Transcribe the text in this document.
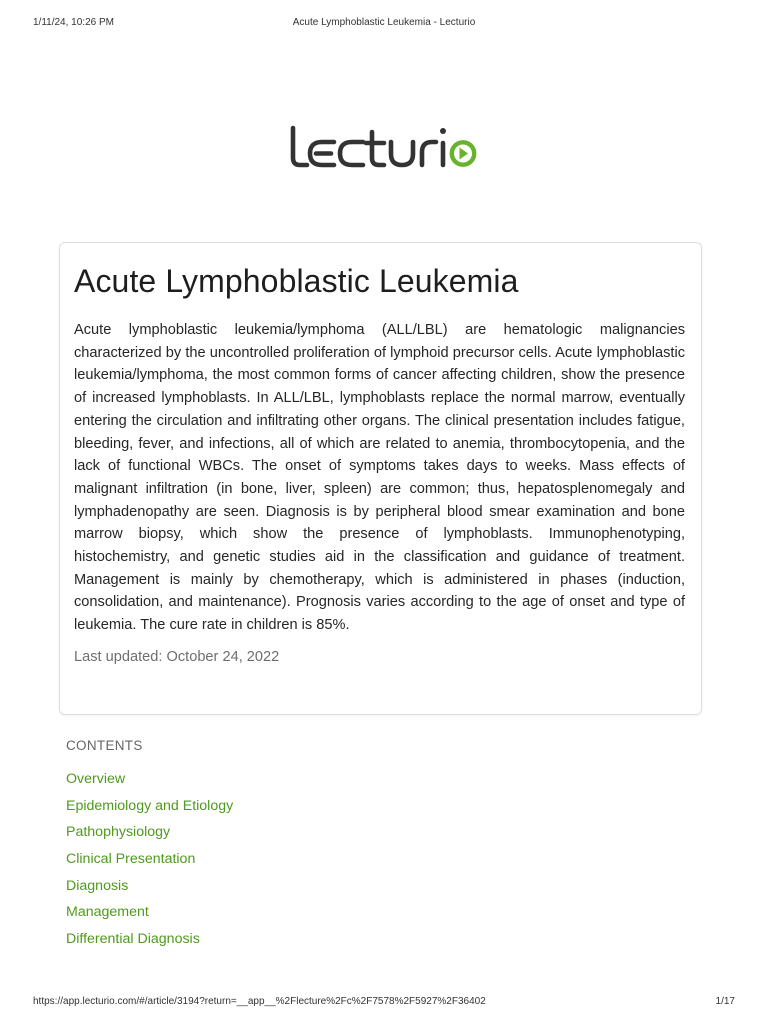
1/11/24, 10:26 PM	Acute Lymphoblastic Leukemia - Lecturio
Acute Lymphoblastic Leukemia

Acute lymphoblastic leukemia/lymphoma (ALL/LBL) are hematologic malignancies characterized by the uncontrolled proliferation of lymphoid precursor cells. Acute lymphoblastic leukemia/lymphoma, the most common forms of cancer affecting children, show the presence of increased lymphoblasts. In ALL/LBL, lymphoblasts replace the normal marrow, eventually entering the circulation and infiltrating other organs. The clinical presentation includes fatigue, bleeding, fever, and infections, all of which are related to anemia, thrombocytopenia, and the lack of functional WBCs. The onset of symptoms takes days to weeks. Mass effects of malignant infiltration (in bone, liver, spleen) are common; thus, hepatosplenomegaly and lymphadenopathy are seen. Diagnosis is by peripheral blood smear examination and bone marrow biopsy, which show the presence of lymphoblasts. Immunophenotyping, histochemistry, and genetic studies aid in the classification and guidance of treatment. Management is mainly by chemotherapy, which is administered in phases (induction, consolidation, and maintenance). Prognosis varies according to the age of onset and type of leukemia. The cure rate in children is 85%.

Last updated: October 24, 2022

CONTENTS
Overview
Epidemiology and Etiology
Pathophysiology
Clinical Presentation
Diagnosis
Management
Differential Diagnosis
https://app.lecturio.com/#/article/3194?return=__app__%2Flecture%2Fc%2F7578%2F5927%2F36402	1/17
